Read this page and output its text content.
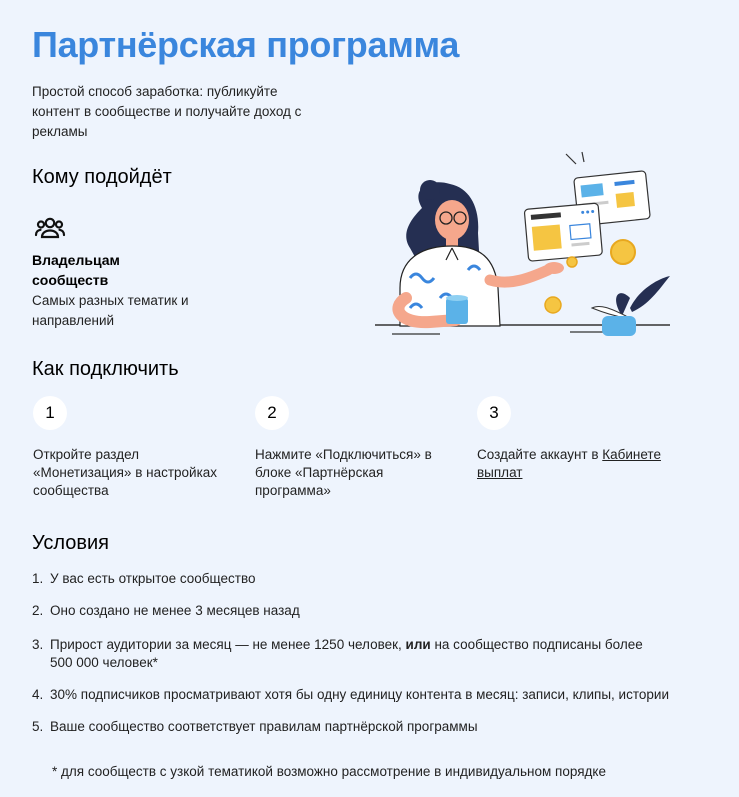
Партнёрская программа
Простой способ заработка: публикуйте контент в сообществе и получайте доход с рекламы
Кому подойдёт
Владельцам сообществ
Самых разных тематик и направлений
Как подключить
1	2	3
Откройте раздел «Монетизация» в настройках сообщества
Нажмите «Подключиться» в блоке «Партнёрская программа»
Создайте аккаунт в Кабинете выплат
Условия
1. У вас есть открытое сообщество
2. Оно создано не менее 3 месяцев назад
3. Прирост аудитории за месяц — не менее 1250 человек, или на сообщество подписаны более
500 000 человек*
4. 30% подписчиков просматривают хотя бы одну единицу контента в месяц: записи, клипы, истории
5. Ваше сообщество соответствует правилам партнёрской программы
* для сообществ с узкой тематикой возможно рассмотрение в индивидуальном порядке
